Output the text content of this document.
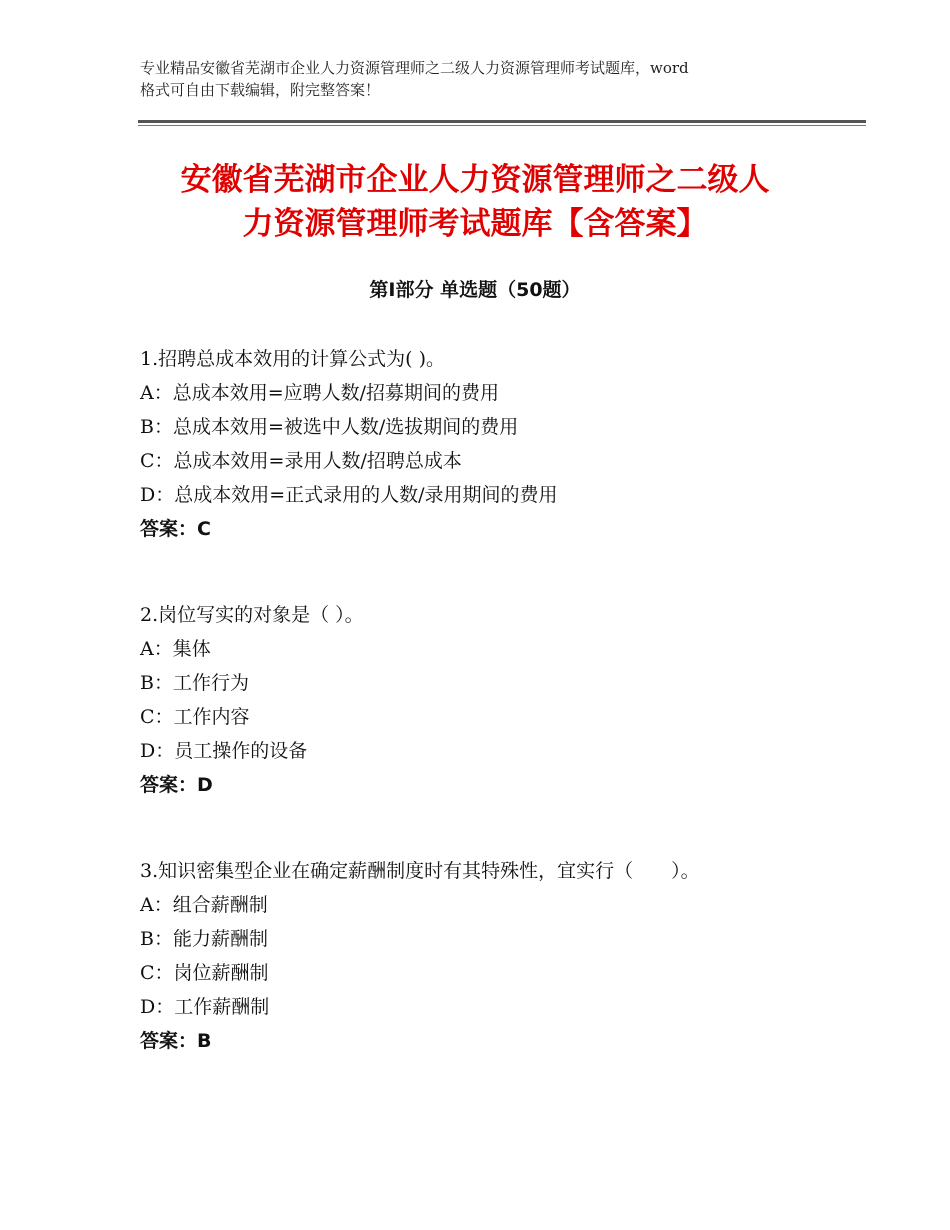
专业精品安徽省芜湖市企业人力资源管理师之二级人力资源管理师考试题库，word
格式可自由下载编辑，附完整答案！
安徽省芜湖市企业人力资源管理师之二级人
力资源管理师考试题库【含答案】
第Ⅰ部分 单选题（50题）
1.招聘总成本效用的计算公式为( )。
A：总成本效用=应聘人数/招募期间的费用
B：总成本效用=被选中人数/选拔期间的费用
C：总成本效用=录用人数/招聘总成本
D：总成本效用=正式录用的人数/录用期间的费用
答案：C
2.岗位写实的对象是（ ）。
A：集体
B：工作行为
C：工作内容
D：员工操作的设备
答案：D
3.知识密集型企业在确定薪酬制度时有其特殊性，宜实行（　　）。
A：组合薪酬制
B：能力薪酬制
C：岗位薪酬制
D：工作薪酬制
答案：B
